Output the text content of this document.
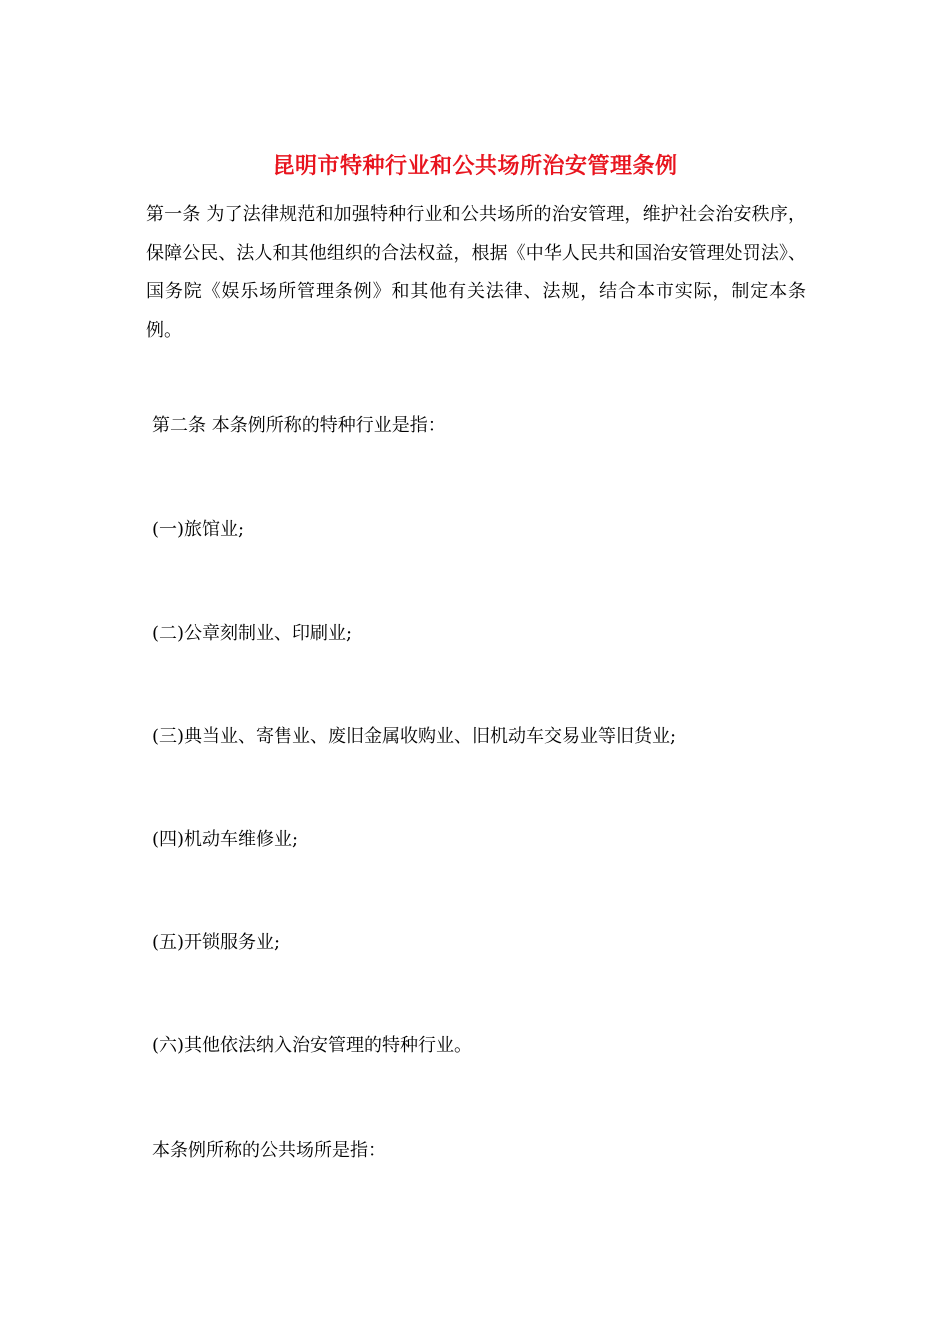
昆明市特种行业和公共场所治安管理条例
第一条 为了法律规范和加强特种行业和公共场所的治安管理，维护社会治安秩序，保障公民、法人和其他组织的合法权益，根据《中华人民共和国治安管理处罚法》、国务院《娱乐场所管理条例》和其他有关法律、法规，结合本市实际，制定本条例。
第二条 本条例所称的特种行业是指：
(一)旅馆业;
(二)公章刻制业、印刷业;
(三)典当业、寄售业、废旧金属收购业、旧机动车交易业等旧货业;
(四)机动车维修业;
(五)开锁服务业;
(六)其他依法纳入治安管理的特种行业。
本条例所称的公共场所是指：
